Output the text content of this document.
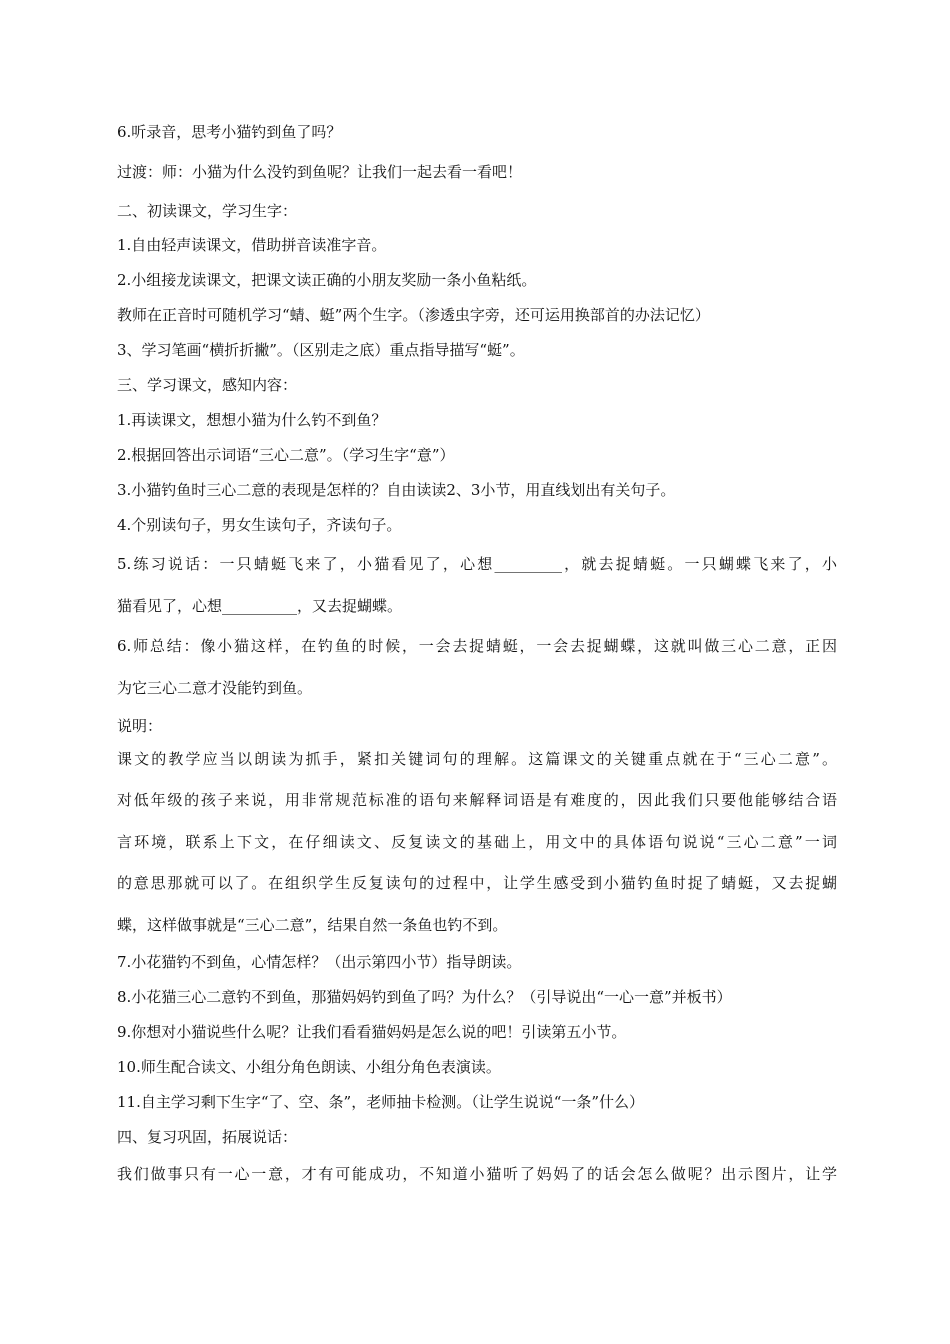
6.听录音，思考小猫钓到鱼了吗？
过渡：师：小猫为什么没钓到鱼呢？让我们一起去看一看吧！
二、初读课文，学习生字：
1.自由轻声读课文，借助拼音读准字音。
2.小组接龙读课文，把课文读正确的小朋友奖励一条小鱼粘纸。
教师在正音时可随机学习“蜻、蜓”两个生字。（渗透虫字旁，还可运用换部首的办法记忆）
3、学习笔画“横折折撇”。（区别走之底）重点指导描写“蜓”。
三、学习课文，感知内容：
1.再读课文，想想小猫为什么钓不到鱼？
2.根据回答出示词语“三心二意”。（学习生字“意”）
3.小猫钓鱼时三心二意的表现是怎样的？自由读读2、3小节，用直线划出有关句子。
4.个别读句子，男女生读句子，齐读句子。
5.练习说话：一只蜻蜓飞来了，小猫看见了，心想_________，就去捉蜻蜓。一只蝴蝶飞来了，小
猫看见了，心想__________，又去捉蝴蝶。
6.师总结：像小猫这样，在钓鱼的时候，一会去捉蜻蜓，一会去捉蝴蝶，这就叫做三心二意，正因
为它三心二意才没能钓到鱼。
说明：
课文的教学应当以朗读为抓手，紧扣关键词句的理解。这篇课文的关键重点就在于“三心二意”。
对低年级的孩子来说，用非常规范标准的语句来解释词语是有难度的，因此我们只要他能够结合语
言环境，联系上下文，在仔细读文、反复读文的基础上，用文中的具体语句说说“三心二意”一词
的意思那就可以了。在组织学生反复读句的过程中，让学生感受到小猫钓鱼时捉了蜻蜓，又去捉蝴
蝶，这样做事就是“三心二意”，结果自然一条鱼也钓不到。
7.小花猫钓不到鱼，心情怎样？（出示第四小节）指导朗读。
8.小花猫三心二意钓不到鱼，那猫妈妈钓到鱼了吗？为什么？（引导说出“一心一意”并板书）
9.你想对小猫说些什么呢？让我们看看猫妈妈是怎么说的吧！引读第五小节。
10.师生配合读文、小组分角色朗读、小组分角色表演读。
11.自主学习剩下生字“了、空、条”，老师抽卡检测。（让学生说说“一条”什么）
四、复习巩固，拓展说话：
我们做事只有一心一意，才有可能成功，不知道小猫听了妈妈了的话会怎么做呢？出示图片，让学
